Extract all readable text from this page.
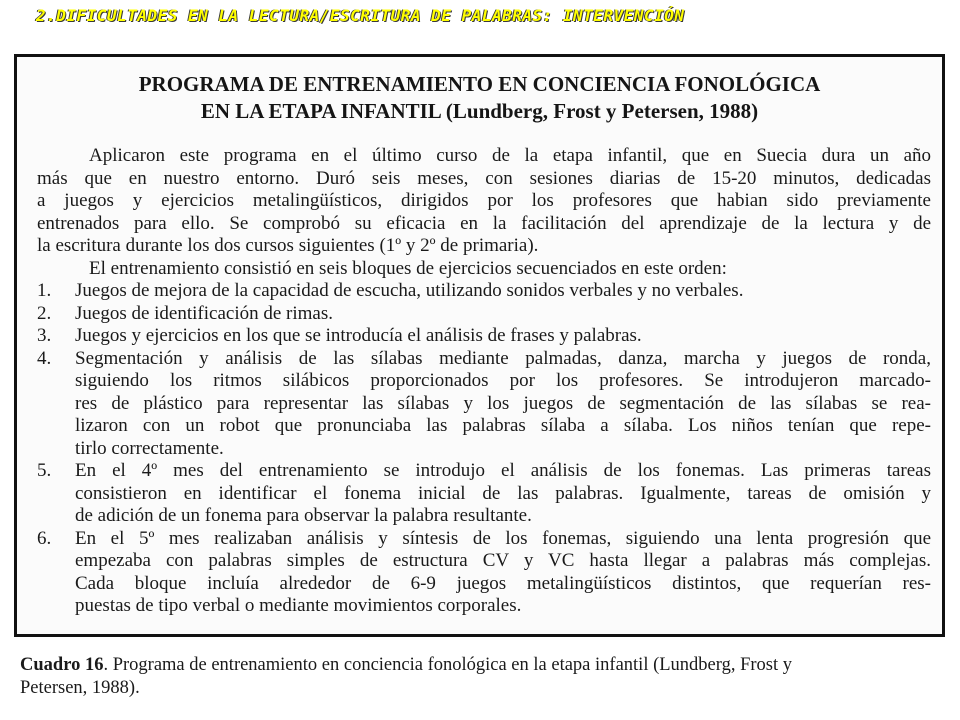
2.DIFICULTADES EN LA LECTURA/ESCRITURA DE PALABRAS: INTERVENCIÓN
PROGRAMA DE ENTRENAMIENTO EN CONCIENCIA FONOLÓGICA
EN LA ETAPA INFANTIL (Lundberg, Frost y Petersen, 1988)
Aplicaron este programa en el último curso de la etapa infantil, que en Suecia dura un año
más que en nuestro entorno. Duró seis meses, con sesiones diarias de 15-20 minutos, dedicadas
a juegos y ejercicios metalingüísticos, dirigidos por los profesores que habian sido previamente
entrenados para ello. Se comprobó su eficacia en la facilitación del aprendizaje de la lectura y de
la escritura durante los dos cursos siguientes (1º y 2º de primaria).
El entrenamiento consistió en seis bloques de ejercicios secuenciados en este orden:
1. Juegos de mejora de la capacidad de escucha, utilizando sonidos verbales y no verbales.
2. Juegos de identificación de rimas.
3. Juegos y ejercicios en los que se introducía el análisis de frases y palabras.
4. Segmentación y análisis de las sílabas mediante palmadas, danza, marcha y juegos de ronda,
siguiendo los ritmos silábicos proporcionados por los profesores. Se introdujeron marcado-
res de plástico para representar las sílabas y los juegos de segmentación de las sílabas se rea-
lizaron con un robot que pronunciaba las palabras sílaba a sílaba. Los niños tenían que repe-
tirlo correctamente.
5. En el 4º mes del entrenamiento se introdujo el análisis de los fonemas. Las primeras tareas
consistieron en identificar el fonema inicial de las palabras. Igualmente, tareas de omisión y
de adición de un fonema para observar la palabra resultante.
6. En el 5º mes realizaban análisis y síntesis de los fonemas, siguiendo una lenta progresión que
empezaba con palabras simples de estructura CV y VC hasta llegar a palabras más complejas.
Cada bloque incluía alrededor de 6-9 juegos metalingüísticos distintos, que requerían res-
puestas de tipo verbal o mediante movimientos corporales.
Cuadro 16. Programa de entrenamiento en conciencia fonológica en la etapa infantil (Lundberg, Frost y
Petersen, 1988).
